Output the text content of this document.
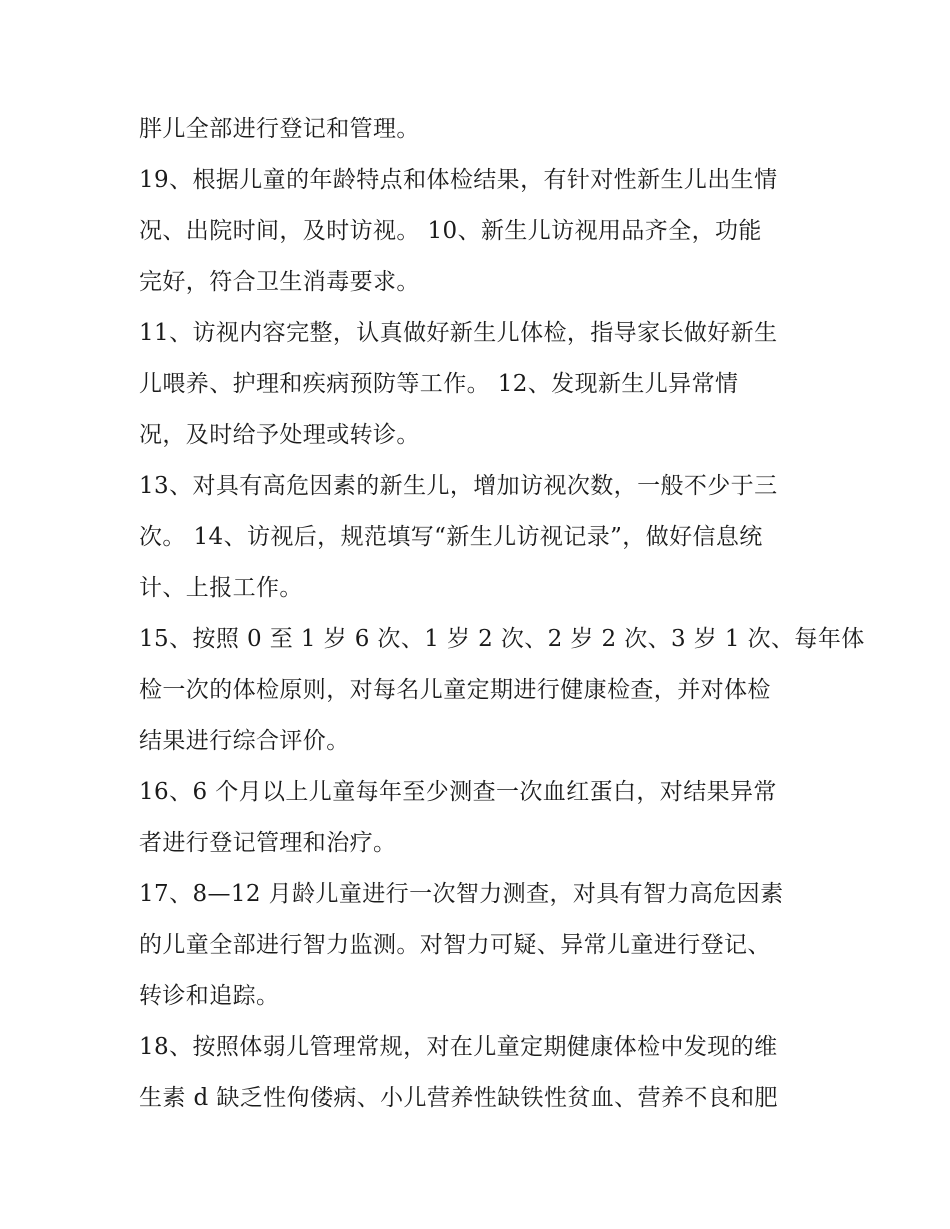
胖儿全部进行登记和管理。
19、根据儿童的年龄特点和体检结果，有针对性新生儿出生情
况、出院时间，及时访视。 10、新生儿访视用品齐全，功能
完好，符合卫生消毒要求。
11、访视内容完整，认真做好新生儿体检，指导家长做好新生
儿喂养、护理和疾病预防等工作。 12、发现新生儿异常情
况，及时给予处理或转诊。
13、对具有高危因素的新生儿，增加访视次数，一般不少于三
次。 14、访视后，规范填写“新生儿访视记录”，做好信息统
计、上报工作。
15、按照 0 至 1 岁 6 次、1 岁 2 次、2 岁 2 次、3 岁 1 次、每年体
检一次的体检原则，对每名儿童定期进行健康检查，并对体检
结果进行综合评价。
16、6 个月以上儿童每年至少测查一次血红蛋白，对结果异常
者进行登记管理和治疗。
17、8—12 月龄儿童进行一次智力测查，对具有智力高危因素
的儿童全部进行智力监测。对智力可疑、异常儿童进行登记、
转诊和追踪。
18、按照体弱儿管理常规，对在儿童定期健康体检中发现的维
生素 d 缺乏性佝偻病、小儿营养性缺铁性贫血、营养不良和肥
